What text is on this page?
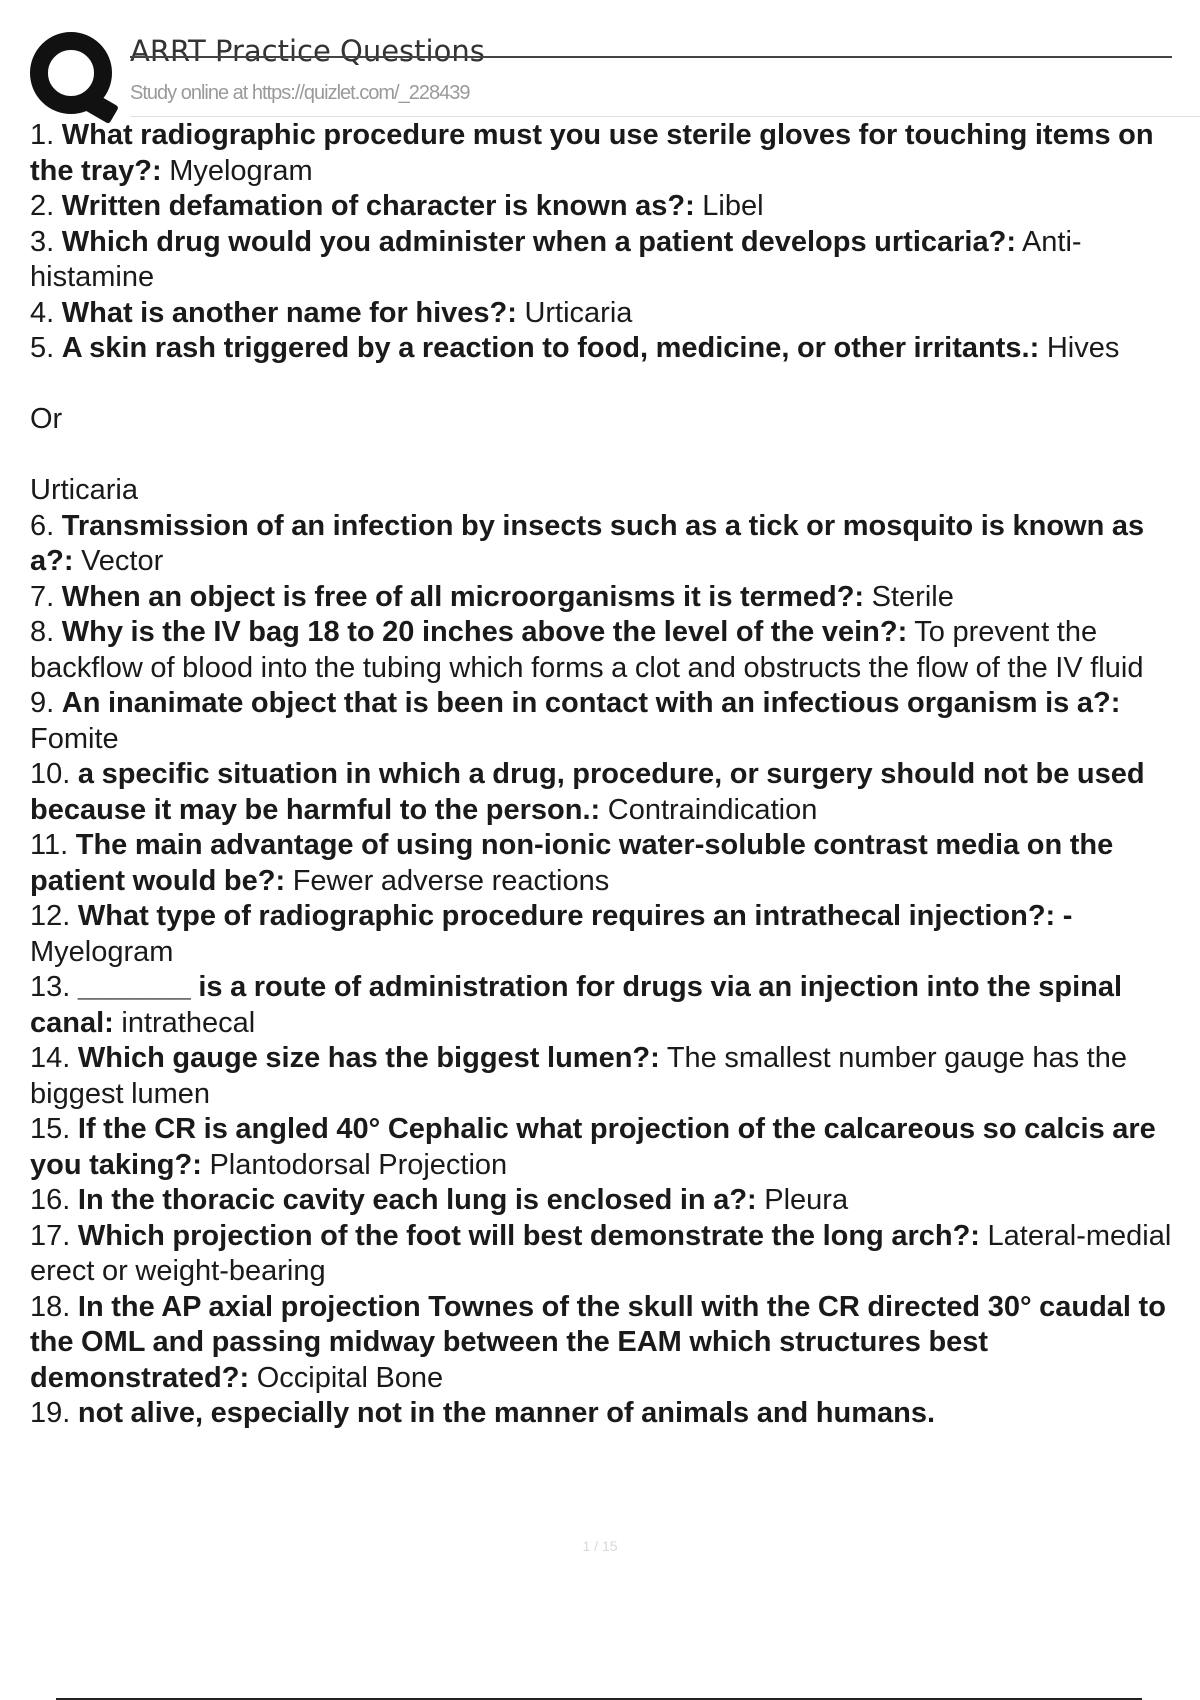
ARRT Practice Questions
Study online at https://quizlet.com/_228439
1. What radiographic procedure must you use sterile gloves for touching items on the tray?: Myelogram
2. Written defamation of character is known as?: Libel
3. Which drug would you administer when a patient develops urticaria?: Anti-histamine
4. What is another name for hives?: Urticaria
5. A skin rash triggered by a reaction to food, medicine, or other irritants.: Hives

Or

Urticaria
6. Transmission of an infection by insects such as a tick or mosquito is known as a?: Vector
7. When an object is free of all microorganisms it is termed?: Sterile
8. Why is the IV bag 18 to 20 inches above the level of the vein?: To prevent the backflow of blood into the tubing which forms a clot and obstructs the flow of the IV fluid
9. An inanimate object that is been in contact with an infectious organism is a?: Fomite
10. a specific situation in which a drug, procedure, or surgery should not be used because it may be harmful to the person.: Contraindication
11. The main advantage of using non-ionic water-soluble contrast media on the patient would be?: Fewer adverse reactions
12. What type of radiographic procedure requires an intrathecal injection?: - Myelogram
13. _______ is a route of administration for drugs via an injection into the spinal canal: intrathecal
14. Which gauge size has the biggest lumen?: The smallest number gauge has the biggest lumen
15. If the CR is angled 40° Cephalic what projection of the calcareous so calcis are you taking?: Plantodorsal Projection
16. In the thoracic cavity each lung is enclosed in a?: Pleura
17. Which projection of the foot will best demonstrate the long arch?: Lateral-medial erect or weight-bearing
18. In the AP axial projection Townes of the skull with the CR directed 30° caudal to the OML and passing midway between the EAM which structures best demonstrated?: Occipital Bone
19. not alive, especially not in the manner of animals and humans.
1 / 15
